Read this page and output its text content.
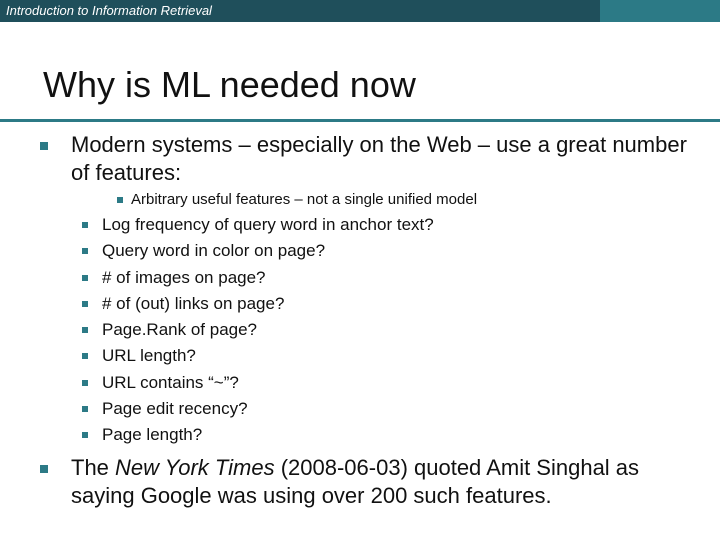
Introduction to Information Retrieval
Why is ML needed now
Modern systems – especially on the Web – use a great number of features:
Arbitrary useful features – not a single unified model
Log frequency of query word in anchor text?
Query word in color on page?
# of images on page?
# of (out) links on page?
Page.Rank of page?
URL length?
URL contains “~”?
Page edit recency?
Page length?
The New York Times (2008-06-03) quoted Amit Singhal as saying Google was using over 200 such features.
